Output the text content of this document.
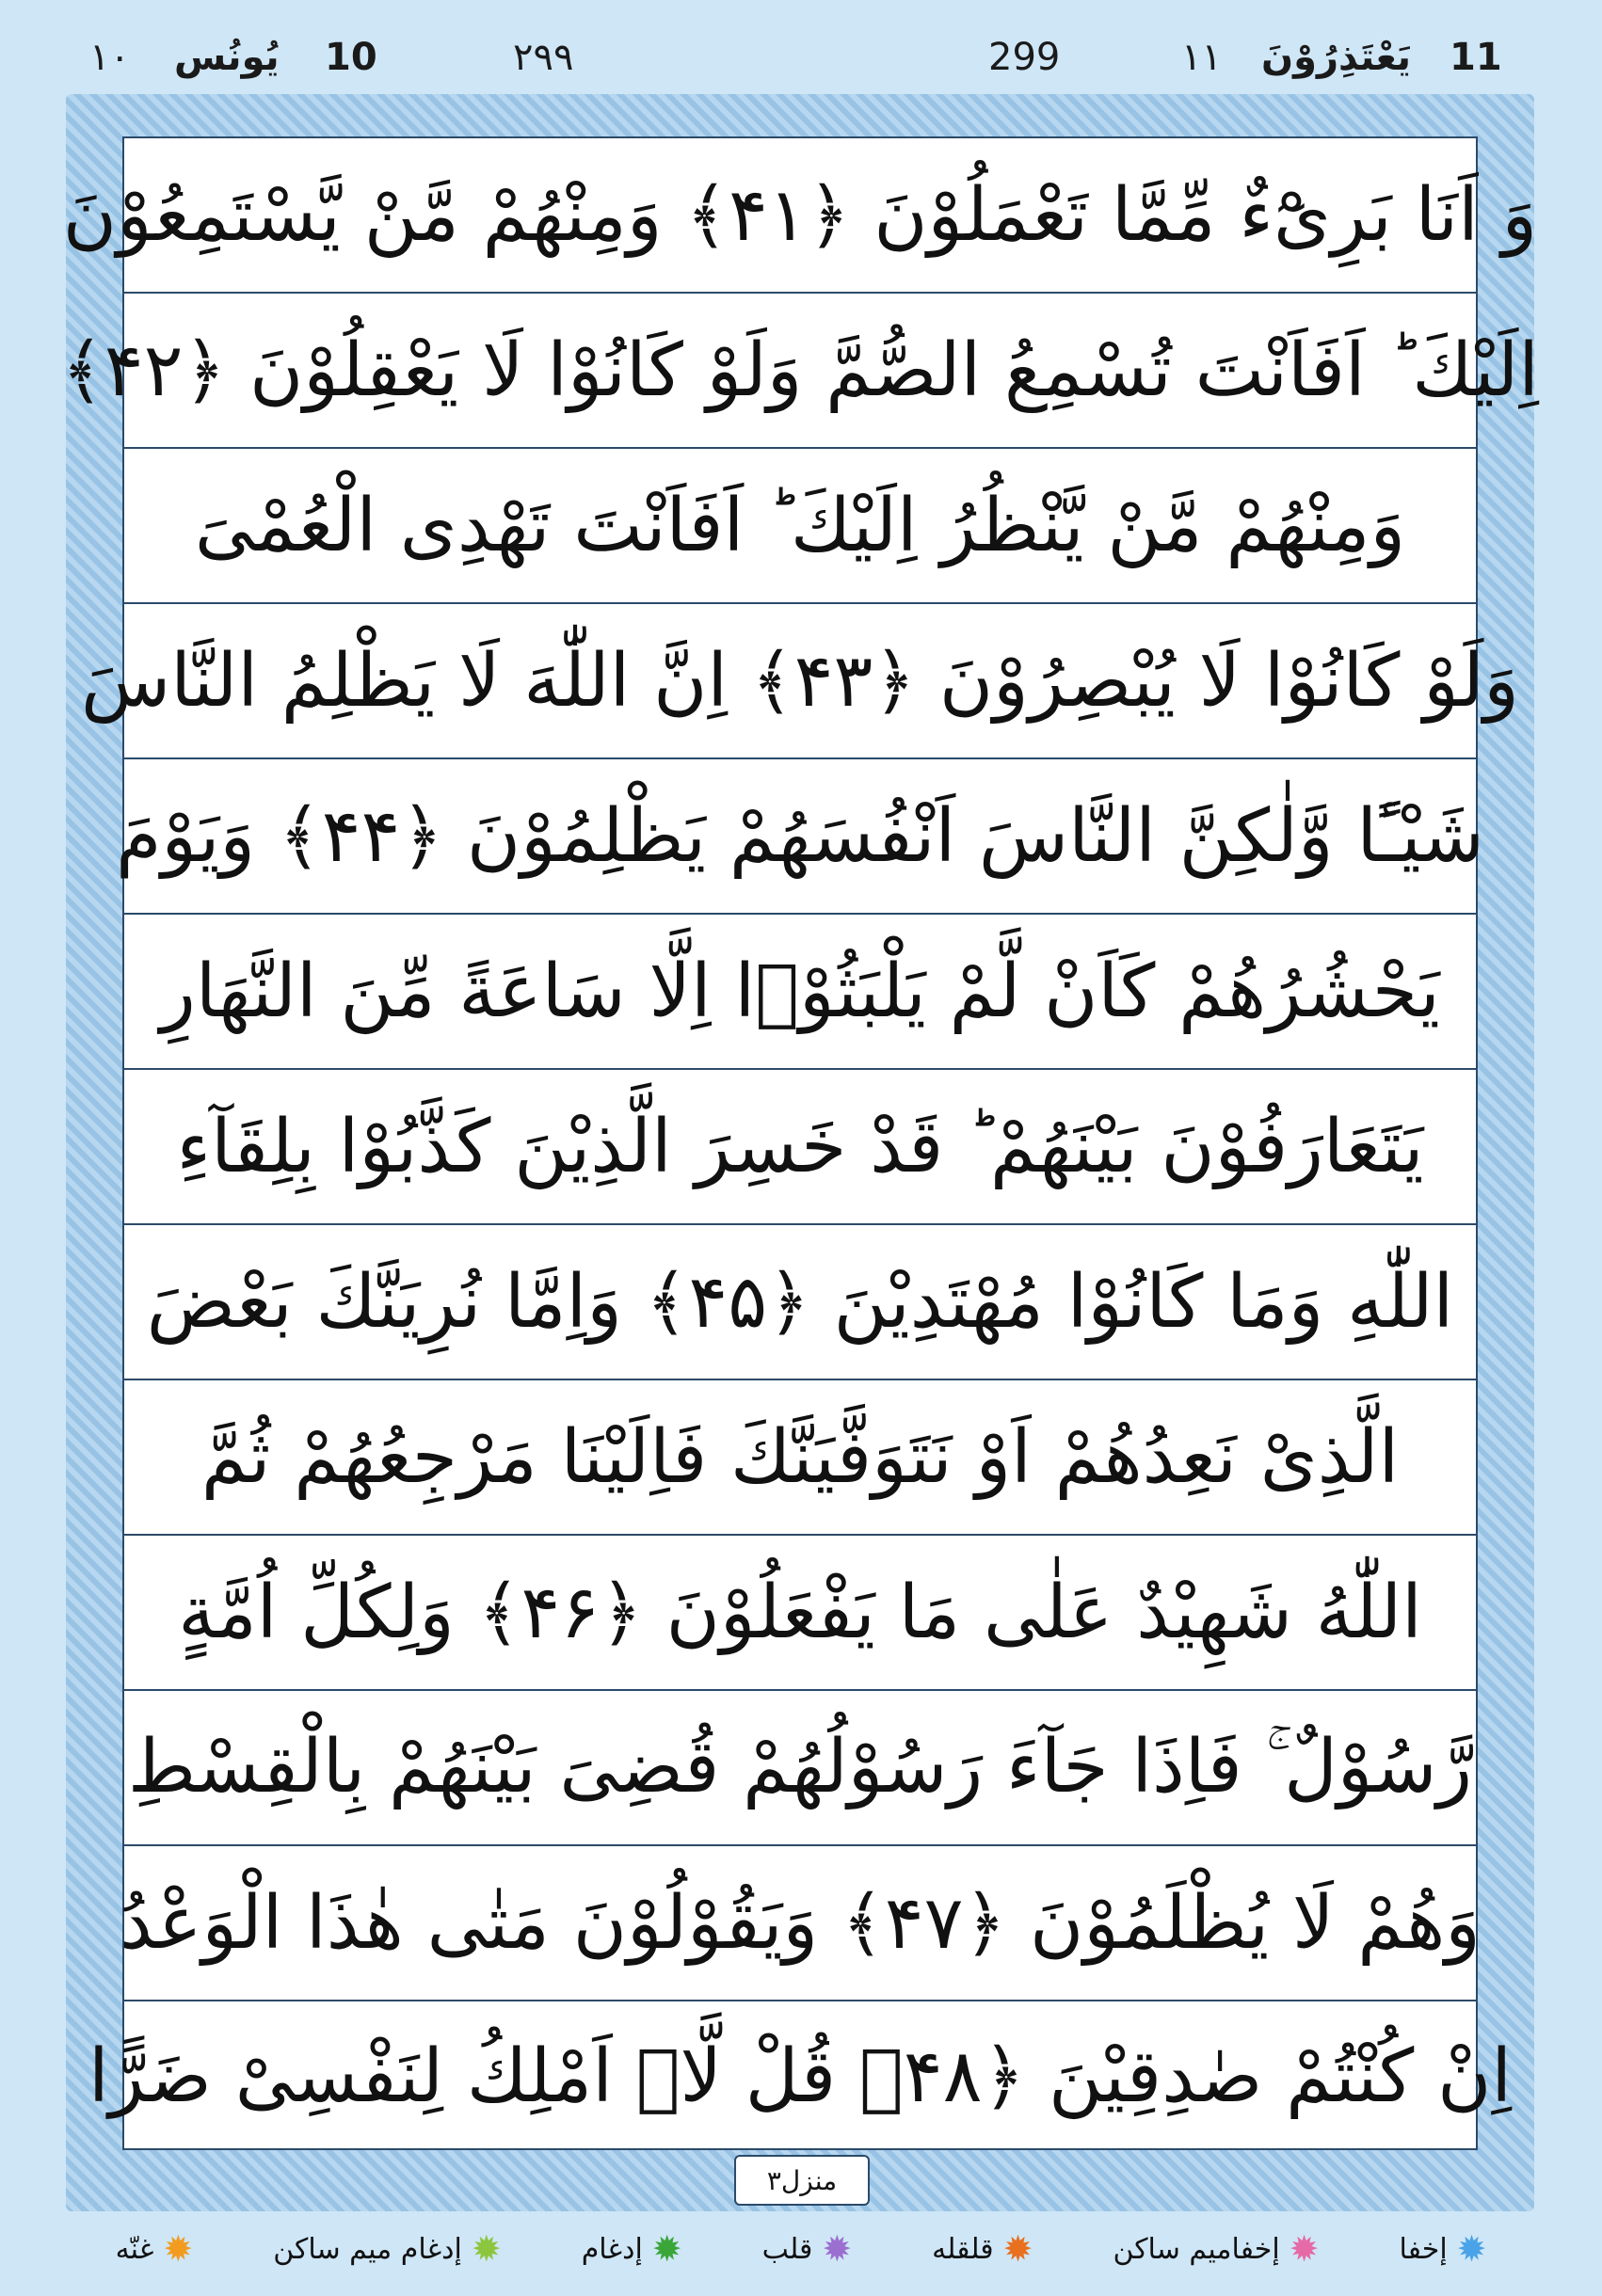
١٠ يُونُس 10	٢٩٩	299	١١ يَعْتَذِرُوْنَ 11
وَ اَنَا بَرِیْٓءٌ مِّمَّا تَعْمَلُوْنَ ﴿۴۱﴾ وَمِنْهُمْ مَّنْ یَّسْتَمِعُوْنَ
اِلَیْكَ ؕ اَفَاَنْتَ تُسْمِعُ الصُّمَّ وَلَوْ كَانُوْا لَا یَعْقِلُوْنَ ﴿۴۲﴾
وَمِنْهُمْ مَّنْ یَّنْظُرُ اِلَیْكَ ؕ اَفَاَنْتَ تَهْدِی الْعُمْیَ
وَلَوْ كَانُوْا لَا یُبْصِرُوْنَ ﴿۴۳﴾ اِنَّ اللّٰهَ لَا یَظْلِمُ النَّاسَ
شَیْـًٔا وَّلٰكِنَّ النَّاسَ اَنْفُسَهُمْ یَظْلِمُوْنَ ﴿۴۴﴾ وَیَوْمَ
یَحْشُرُهُمْ كَاَنْ لَّمْ یَلْبَثُوْۤا اِلَّا سَاعَةً مِّنَ النَّهَارِ
یَتَعَارَفُوْنَ بَیْنَهُمْ ؕ قَدْ خَسِرَ الَّذِیْنَ كَذَّبُوْا بِلِقَآءِ
اللّٰهِ وَمَا كَانُوْا مُهْتَدِیْنَ ﴿۴۵﴾ وَاِمَّا نُرِیَنَّكَ بَعْضَ
الَّذِیْ نَعِدُهُمْ اَوْ نَتَوَفَّیَنَّكَ فَاِلَیْنَا مَرْجِعُهُمْ ثُمَّ
اللّٰهُ شَهِیْدٌ عَلٰی مَا یَفْعَلُوْنَ ﴿۴۶﴾ وَلِكُلِّ اُمَّةٍ
رَّسُوْلٌ ۚ فَاِذَا جَآءَ رَسُوْلُهُمْ قُضِیَ بَیْنَهُمْ بِالْقِسْطِ
وَهُمْ لَا یُظْلَمُوْنَ ﴿۴۷﴾ وَیَقُوْلُوْنَ مَتٰی هٰذَا الْوَعْدُ
اِنْ كُنْتُمْ صٰدِقِیْنَ ﴿۴۸﴾ قُلْ لَّاۤ اَمْلِكُ لِنَفْسِیْ ضَرًّا
منزل۳
✹
إخفا
✹
إخفاميم ساكن
✹
قلقله
✹
قلب
✹
إدغام
✹
إدغام ميم ساكن
✹
غنّه
